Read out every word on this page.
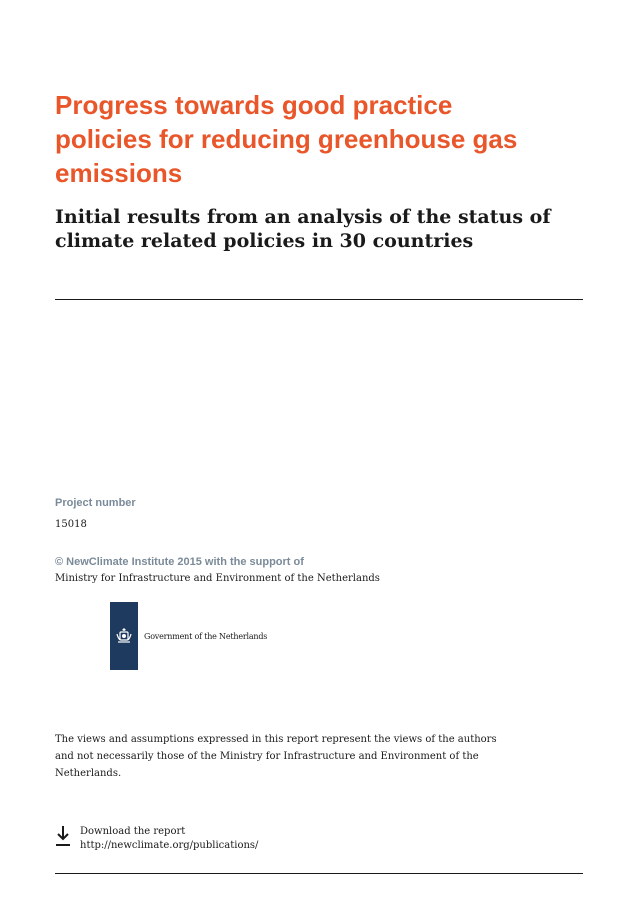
Progress towards good practice policies for reducing greenhouse gas emissions
Initial results from an analysis of the status of climate related policies in 30 countries
Project number
15018
© NewClimate Institute 2015 with the support of
Ministry for Infrastructure and Environment of the Netherlands
Government of the Netherlands

The views and assumptions expressed in this report represent the views of the authors and not necessarily those of the Ministry for Infrastructure and Environment of the Netherlands.

Download the report
http://newclimate.org/publications/
